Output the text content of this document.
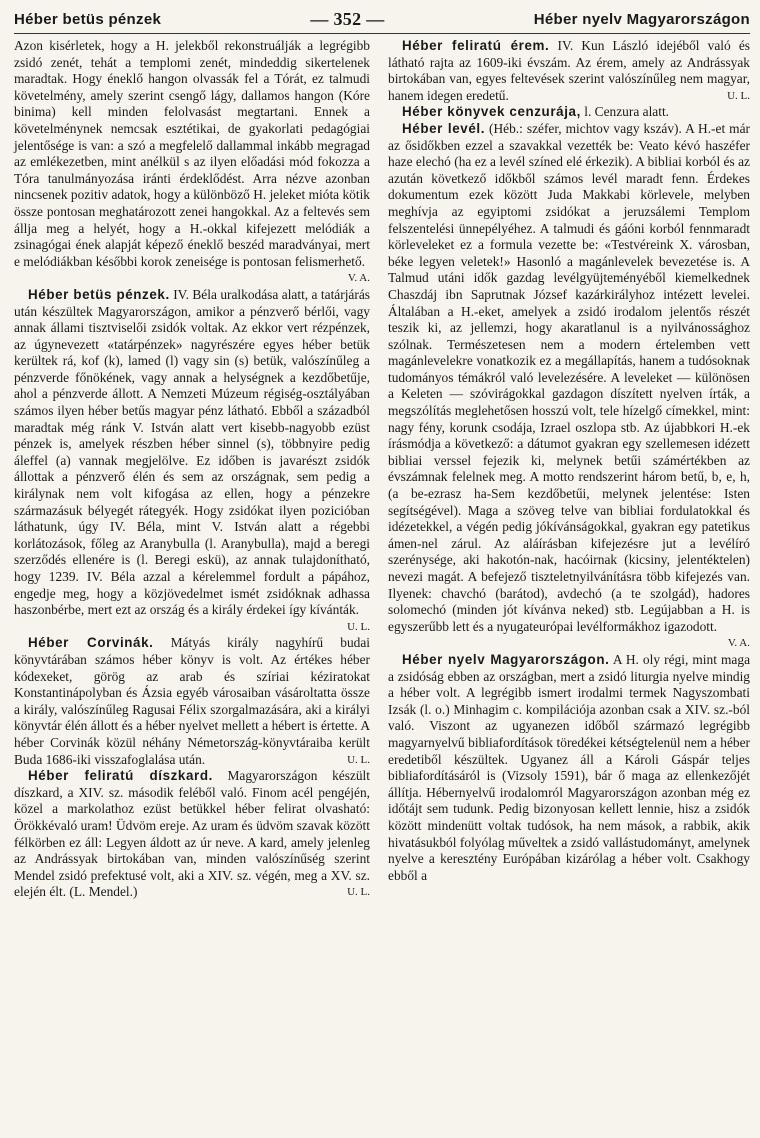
Héber betüs pénzek	— 352 —	Héber nyelv Magyarországon

Azon kisérletek, hogy a H. jelekből rekonstruálják a legrégibb zsidó zenét, tehát a templomi zenét, mindeddig sikertelenek maradtak. Hogy éneklő hangon olvassák fel a Tórát, ez talmudi követelmény, amely szerint csengő lágy, dallamos hangon (Kóre binima) kell minden felolvasást megtartani. Ennek a követelménynek nemcsak esztétikai, de gyakorlati pedagógiai jelentősége is van: a szó a megfelelő dallammal inkább megragad az emlékezetben, mint anélkül s az ilyen előadási mód fokozza a Tóra tanulmányozása iránti érdeklődést. Arra nézve azonban nincsenek pozitiv adatok, hogy a különböző H. jeleket mióta kötik össze pontosan meghatározott zenei hangokkal. Az a feltevés sem állja meg a helyét, hogy a H.-okkal kifejezett melódiák a zsinagógai ének alapját képező éneklő beszéd maradványai, mert e melódiákban későbbi korok zeneisége is pontosan felismerhető.
V. A.

Héber betüs pénzek. IV. Béla uralkodása alatt, a tatárjárás után készültek Magyarországon, amikor a pénzverő bérlői, vagy annak állami tisztviselői zsidók voltak. Az ekkor vert rézpénzek, az úgynevezett «tatárpénzek» nagyrészére egyes héber betük kerültek rá, kof (k), lamed (l) vagy sin (s) betük, valószínűleg a pénzverde főnökének, vagy annak a helységnek a kezdőbetűje, ahol a pénzverde állott. A Nemzeti Múzeum régiség-osztályában számos ilyen héber betűs magyar pénz látható. Ebből a századból maradtak még ránk V. István alatt vert kisebb-nagyobb ezüst pénzek is, amelyek részben héber sinnel (s), többnyire pedig áleffel (a) vannak megjelölve. Ez időben is javarészt zsidók állottak a pénzverő élén és sem az országnak, sem pedig a királynak nem volt kifogása az ellen, hogy a pénzekre származásuk bélyegét rátegyék. Hogy zsidókat ilyen pozicióban láthatunk, úgy IV. Béla, mint V. István alatt a régebbi korlátozások, főleg az Aranybulla (l. Aranybulla), majd a beregi szerződés ellenére is (l. Beregi eskü), az annak tulajdonítható, hogy 1239. IV. Béla azzal a kérelemmel fordult a pápához, engedje meg, hogy a közjövedelmet ismét zsidóknak adhassa haszonbérbe, mert ezt az ország és a király érdekei így kívánták.
U. L.

Héber Corvinák. Mátyás király nagyhírű budai könyvtárában számos héber könyv is volt. Az értékes héber kódexeket, görög az arab és szíriai kéziratokat Konstantinápolyban és Ázsia egyéb városaiban vásároltatta össze a király, valószínűleg Ragusai Félix szorgalmazására, aki a királyi könyvtár élén állott és a héber nyelvet mellett a hébert is értette. A héber Corvinák közül néhány Németország-könyvtáraiba került Buda 1686-iki visszafoglalása után.	U. L.

Héber feliratú díszkard. Magyarországon készült díszkard, a XIV. sz. második feléből való. Finom acél pengéjén, közel a markolathoz ezüst betükkel héber felirat olvasható: Örökkévaló uram! Üdvöm ereje. Az uram és üdvöm szavak között félkörben ez áll: Legyen áldott az úr neve. A kard, amely jelenleg az Andrássyak birtokában van, minden valószínűség szerint Mendel zsidó prefektusé volt, aki a XIV. sz. végén, meg a XV. sz. elején élt. (L. Mendel.)	U. L.

Héber feliratú érem. IV. Kun László idejéből való és látható rajta az 1609-iki évszám. Az érem, amely az Andrássyak birtokában van, egyes feltevések szerint valószínűleg nem magyar, hanem idegen eredetű.	U. L.

Héber könyvek cenzurája, l. Cenzura alatt.

Héber levél. (Héb.: széfer, michtov vagy kszáv). A H.-et már az ősidőkben ezzel a szavakkal vezették be: Veato kévó haszéfer haze elechó (ha ez a levél színed elé érkezik). A bibliai korból és az azután következő időkből számos levél maradt fenn. Érdekes dokumentum ezek között Juda Makkabi körlevele, melyben meghívja az egyiptomi zsidókat a jeruzsálemi Templom felszentelési ünnepélyéhez. A talmudi és gáóni korból fennmaradt körleveleket ez a formula vezette be: «Testvéreink X. városban, béke legyen veletek!» Hasonló a magánlevelek bevezetése is. A Talmud utáni idők gazdag levélgyüjteményéből kiemelkednek Chaszdáj ibn Saprutnak József kazárkirályhoz intézett levelei. Általában a H.-eket, amelyek a zsidó irodalom jelentős részét teszik ki, az jellemzi, hogy akaratlanul is a nyilvánossághoz szólnak. Természetesen nem a modern értelemben vett magánlevelekre vonatkozik ez a megállapítás, hanem a tudósoknak tudományos témákról való levelezésére. A leveleket — különösen a Keleten — szóvirágokkal gazdagon díszített nyelven írták, a megszólítás meglehetősen hosszú volt, tele hízelgő címekkel, mint: nagy fény, korunk csodája, Izrael oszlopa stb. Az újabbkori H.-ek írásmódja a következő: a dátumot gyakran egy szellemesen idézett bibliai verssel fejezik ki, melynek betűi számértékben az évszámnak felelnek meg. A motto rendszerint három betű, b, e, h, (a be-ezrasz ha-Sem kezdőbetűi, melynek jelentése: Isten segítségével). Maga a szöveg telve van bibliai fordulatokkal és idézetekkel, a végén pedig jókívánságokkal, gyakran egy patetikus ámen-nel zárul. Az aláírásban kifejezésre jut a levélíró szerénysége, aki hakotón-nak, hacóirnak (kicsiny, jelentéktelen) nevezi magát. A befejező tiszteletnyilvánításra több kifejezés van. Ilyenek: chavchó (barátod), avdechó (a te szolgád), hadores solomechó (minden jót kívánva neked) stb. Legújabban a H. is egyszerűbb lett és a nyugateurópai levélformákhoz igazodott.
V. A.

Héber nyelv Magyarországon. A H. oly régi, mint maga a zsidóság ebben az országban, mert a zsidó liturgia nyelve mindig a héber volt. A legrégibb ismert irodalmi termek Nagyszombati Izsák (l. o.) Minhagim c. kompilációja azonban csak a XIV. sz.-ból való. Viszont az ugyanezen időből származó legrégibb magyarnyelvű bibliafordítások töredékei kétségtelenül nem a héber eredetiből készültek. Ugyanez áll a Károli Gáspár teljes bibliafordításáról is (Vizsoly 1591), bár ő maga az ellenkezőjét állítja. Hébernyelvű irodalomról Magyarországon azonban még ez időtájt sem tudunk. Pedig bizonyosan kellett lennie, hisz a zsidók között mindenütt voltak tudósok, ha nem mások, a rabbik, akik hivatásukból folyólag műveltek a zsidó vallástudományt, amelynek nyelve a keresztény Európában kizárólag a héber volt. Csakhogy ebből a
